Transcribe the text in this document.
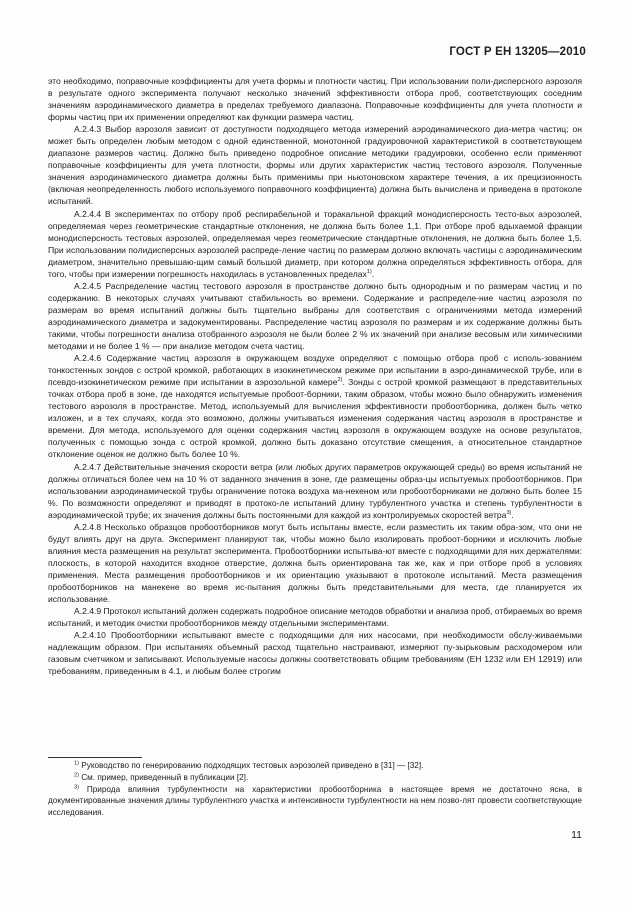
ГОСТ Р ЕН 13205—2010

это необходимо, поправочные коэффициенты для учета формы и плотности частиц. При использовании поли-дисперсного аэрозоля в результате одного эксперимента получают несколько значений эффективности отбора проб, соответствующих соседним значениям аэродинамического диаметра в пределах требуемого диапазона. Поправочные коэффициенты для учета плотности и формы частиц при их применении определяют как функции размера частиц.

А.2.4.3 Выбор аэрозоля зависит от доступности подходящего метода измерений аэродинамического диа-метра частиц; он может быть определен любым методом с одной единственной, монотонной градуировочной характеристикой в соответствующем диапазоне размеров частиц. Должно быть приведено подробное описание методики градуировки, особенно если применяют поправочные коэффициенты для учета плотности, формы или других характеристик частиц тестового аэрозоля. Полученные значения аэродинамического диаметра должны быть применимы при ньютоновском характере течения, а их прецизионность (включая неопределенность любого используемого поправочного коэффициента) должна быть вычислена и приведена в протоколе испытаний.

А.2.4.4 В экспериментах по отбору проб респирабельной и торакальной фракций монодисперсность тесто-вых аэрозолей, определяемая через геометрические стандартные отклонения, не должна быть более 1,1. При отборе проб вдыхаемой фракции монодисперсность тестовых аэрозолей, определяемая через геометрические стандартные отклонения, не должна быть более 1,5. При использовании полидисперсных аэрозолей распреде-ление частиц по размерам должно включать частицы с аэродинамическим диаметром, значительно превышаю-щим самый большой диаметр, при котором должна определяться эффективность отбора, для того, чтобы при измерении погрешность находилась в установленных пределах$^{1)}$.

А.2.4.5 Распределение частиц тестового аэрозоля в пространстве должно быть однородным и по размерам частиц и по содержанию. В некоторых случаях учитывают стабильность во времени. Содержание и распределе-ние частиц аэрозоля по размерам во время испытаний должны быть тщательно выбраны для соответствия с ограничениями метода измерений аэродинамического диаметра и задокументированы. Распределение частиц аэрозоля по размерам и их содержание должны быть такими, чтобы погрешности анализа отобранного аэрозоля не были более 2 % их значений при анализе весовым или химическими методами и не более 1 % — при анализе методом счета частиц.

А.2.4.6 Содержание частиц аэрозоля в окружающем воздухе определяют с помощью отбора проб с исполь-зованием тонкостенных зондов с острой кромкой, работающих в изокинетическом режиме при испытании в аэро-динамической трубе, или в псевдо-изокинетическом режиме при испытании в аэрозольной камере$^{2)}$. Зонды с острой кромкой размещают в представительных точках отбора проб в зоне, где находятся испытуемые пробоот-борники, таким образом, чтобы можно было обнаружить изменения тестового аэрозоля в пространстве. Метод, используемый для вычисления эффективности пробоотборника, должен быть четко изложен, и в тех случаях, когда это возможно, должны учитываться изменения содержания частиц аэрозоля в пространстве и времени. Для метода, используемого для оценки содержания частиц аэрозоля в окружающем воздухе на основе результатов, полученных с помощью зонда с острой кромкой, должно быть доказано отсутствие смещения, а относительное стандартное отклонение оценок не должно быть более 10 %.

А.2.4.7 Действительные значения скорости ветра (или любых других параметров окружающей среды) во время испытаний не должны отличаться более чем на 10 % от заданного значения в зоне, где размещены образ-цы испытуемых пробоотборников. При использовании аэродинамической трубы ограничение потока воздуха ма-некеном или пробоотборниками не должно быть более 15 %. По возможности определяют и приводят в протоко-ле испытаний длину турбулентного участка и степень турбулентности в аэродинамической трубе; их значения должны быть постоянными для каждой из контролируемых скоростей ветра$^{3)}$.

А.2.4.8 Несколько образцов пробоотборников могут быть испытаны вместе, если разместить их таким обра-зом, что они не будут влиять друг на друга. Эксперимент планируют так, чтобы можно было изолировать пробоот-борники и исключить любые влияния места размещения на результат эксперимента. Пробоотборники испытыва-ют вместе с подходящими для них держателями: плоскость, в которой находится входное отверстие, должна быть ориентирована так же, как и при отборе проб в условиях применения. Места размещения пробоотборников и их ориентацию указывают в протоколе испытаний. Места размещения пробоотборников на манекене во время ис-пытания должны быть представительными для места, где планируется их использование.

А.2.4.9 Протокол испытаний должен содержать подробное описание методов обработки и анализа проб, отбираемых во время испытаний, и методик очистки пробоотборников между отдельными экспериментами.

А.2.4.10 Пробоотборники испытывают вместе с подходящими для них насосами, при необходимости обслу-живаемыми надлежащим образом. При испытаниях объемный расход тщательно настраивают, измеряют пу-зырьковым расходомером или газовым счетчиком и записывают. Используемые насосы должны соответствовать общим требованиям (ЕН 1232 или ЕН 12919) или требованиям, приведенным в 4.1, и любым более строгим

$^{1)}$ Руководство по генерированию подходящих тестовых аэрозолей приведено в [31] — [32].

$^{2)}$ См. пример, приведенный в публикации [2].

$^{3)}$ Природа влияния турбулентности на характеристики пробоотборника в настоящее время не достаточно ясна, в документированные значения длины турбулентного участка и интенсивности турбулентности на нем позво-лят провести соответствующие исследования.

11
